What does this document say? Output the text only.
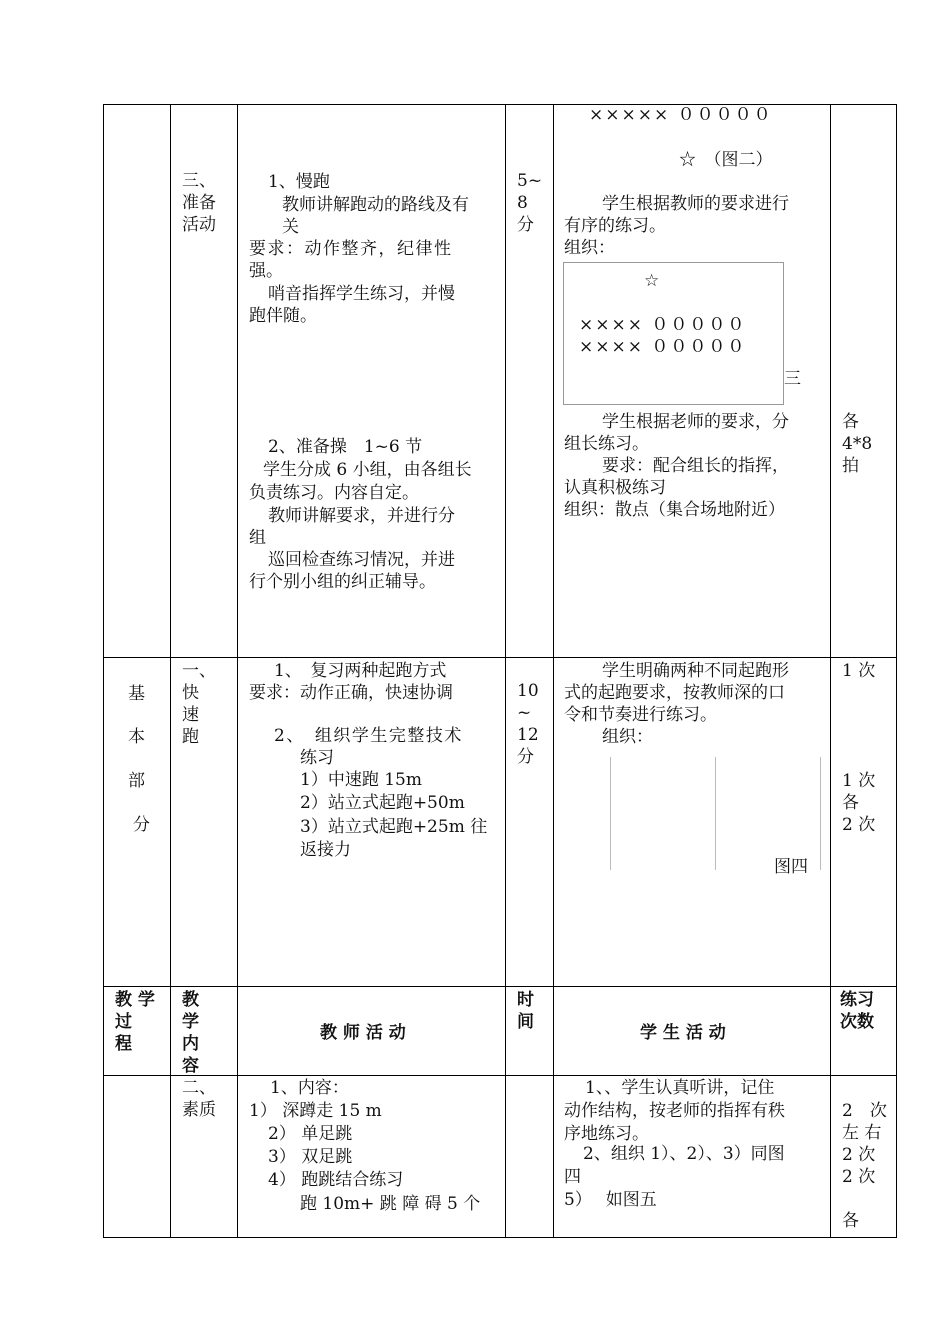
三、
准备
活动
1、慢跑
教师讲解跑动的路线及有
关
要求：动作整齐，纪律性
强。
哨音指挥学生练习，并慢
跑伴随。
2、准备操　1~6 节
学生分成 6 小组，由各组长
负责练习。内容自定。
教师讲解要求，并进行分
组
巡回检查练习情况，并进
行个别小组的纠正辅导。
5~
8
分
××××× ０００００
☆　（图二）
学生根据教师的要求进行
有序的练习。
组织：
☆
×××× ０００００
×××× ０００００
三
学生根据老师的要求，分
组长练习。
要求：配合组长的指挥，
认真积极练习
组织：散点（集合场地附近）
各
4*8
拍
基
本
部
分
一、
快
速
跑
1、　复习两种起跑方式
要求：动作正确，快速协调
2、　组织学生完整技术
练习
1）中速跑 15m
2）站立式起跑+50m
3）站立式起跑+25m 往
返接力
10
~
12
分
学生明确两种不同起跑形
式的起跑要求，按教师深的口
令和节奏进行练习。
组织：
图四
1 次
1 次
各
2 次
教 学
过
程
教
学
内
容
教 师 活 动
时
间
学 生 活 动
练习
次数
二、
素质
1、内容：
1） 深蹲走 15 m
2） 单足跳
3） 双足跳
4） 跑跳结合练习
跑 10m+ 跳 障 碍 5 个
1、、学生认真听讲，记住
动作结构，按老师的指挥有秩
序地练习。
2、组织 1）、2）、3）同图
四
5）　 如图五
2　次
左 右
2 次
2 次

各
